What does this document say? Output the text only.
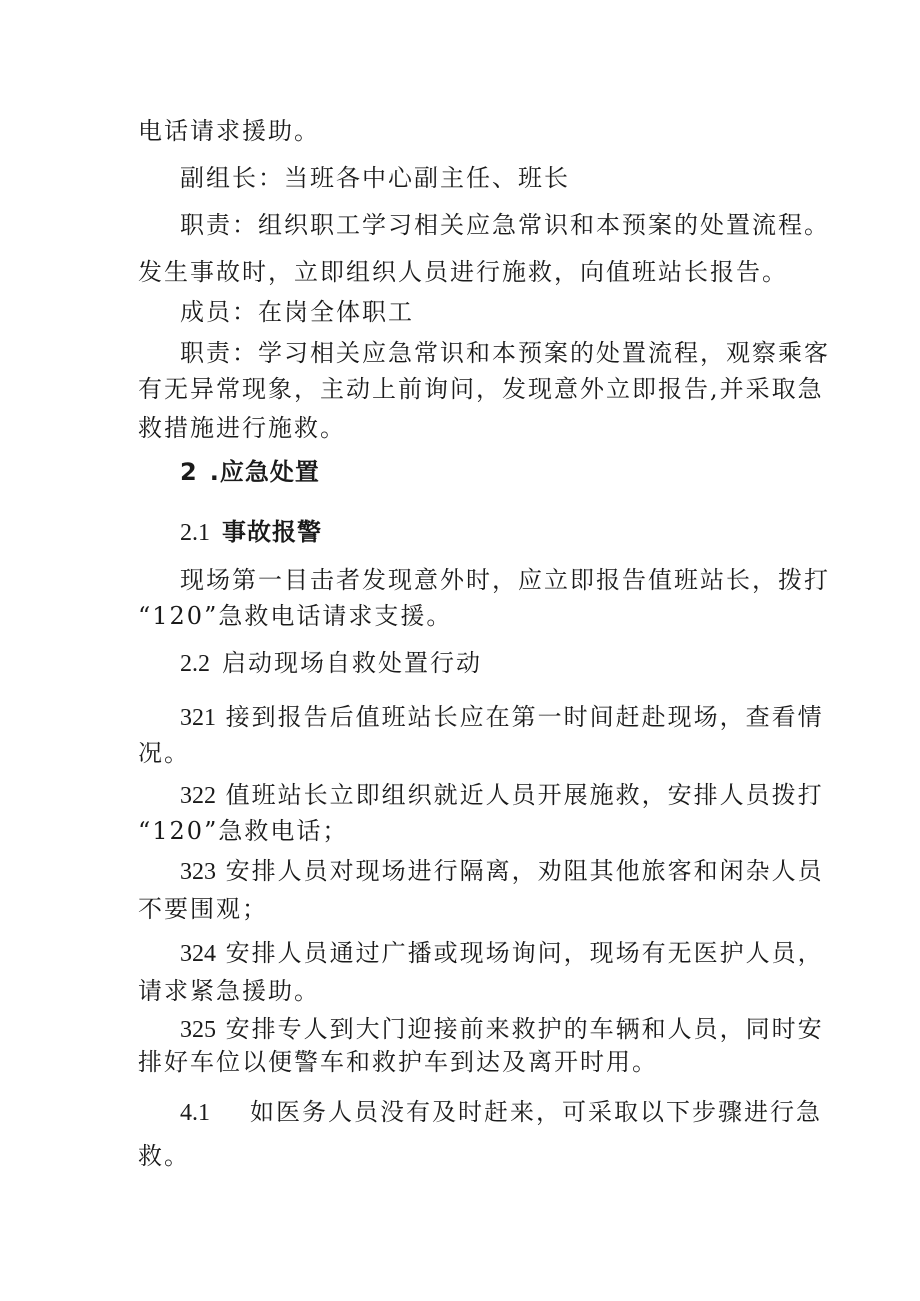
电话请求援助。
副组长：当班各中心副主任、班长
职责：组织职工学习相关应急常识和本预案的处置流程。
发生事故时，立即组织人员进行施救，向值班站长报告。
成员：在岗全体职工
职责：学习相关应急常识和本预案的处置流程，观察乘客
有无异常现象，主动上前询问，发现意外立即报告,并采取急
救措施进行施救。
2 .应急处置
2.1 事故报警
现场第一目击者发现意外时，应立即报告值班站长，拨打
“120”急救电话请求支援。
2.2 启动现场自救处置行动
321 接到报告后值班站长应在第一时间赶赴现场，查看情
况。
322 值班站长立即组织就近人员开展施救，安排人员拨打
“120”急救电话；
323 安排人员对现场进行隔离，劝阻其他旅客和闲杂人员
不要围观；
324 安排人员通过广播或现场询问，现场有无医护人员，
请求紧急援助。
325 安排专人到大门迎接前来救护的车辆和人员，同时安
排好车位以便警车和救护车到达及离开时用。
4.1 如医务人员没有及时赶来，可采取以下步骤进行急
救。
